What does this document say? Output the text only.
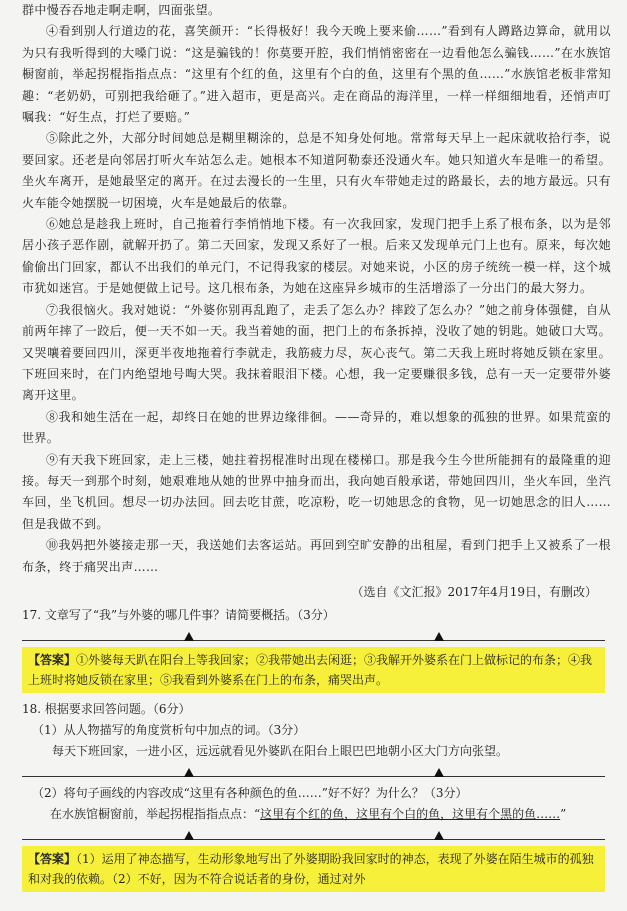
群中慢吞吞地走啊走啊，四面张望。

④看到别人行道边的花，喜笑颜开：“长得极好！我今天晚上要来偷……”看到有人蹲路边算命，就用以为只有我听得到的大嗓门说：“这是骗钱的！你莫要开腔，我们悄悄密密在一边看他怎么骗钱……”在水族馆橱窗前，举起拐棍指指点点：“这里有个红的鱼，这里有个白的鱼，这里有个黑的鱼……”水族馆老板非常知趣：“老奶奶，可别把我给砸了。”进入超市，更是高兴。走在商品的海洋里，一样一样细细地看，还悄声叮嘱我：“好生点，打烂了要赔。”

⑤除此之外，大部分时间她总是糊里糊涂的，总是不知身处何地。常常每天早上一起床就收拾行李，说要回家。还老是向邻居打听火车站怎么走。她根本不知道阿勒泰还没通火车。她只知道火车是唯一的希望。坐火车离开，是她最坚定的离开。在过去漫长的一生里，只有火车带她走过的路最长，去的地方最远。只有火车能令她摆脱一切困境，火车是她最后的依靠。

⑥她总是趁我上班时，自己拖着行李悄悄地下楼。有一次我回家，发现门把手上系了根布条，以为是邻居小孩子恶作剧，就解开扔了。第二天回家，发现又系好了一根。后来又发现单元门上也有。原来，每次她偷偷出门回家，都认不出我们的单元门，不记得我家的楼层。对她来说，小区的房子统统一模一样，这个城市犹如迷宫。于是她便做上记号。这几根布条，为她在这座异乡城市的生活增添了一分出门的最大努力。

⑦我很恼火。我对她说：“外婆你别再乱跑了，走丢了怎么办？摔跤了怎么办？”她之前身体强健，自从前两年摔了一跤后，便一天不如一天。我当着她的面，把门上的布条拆掉，没收了她的钥匙。她破口大骂。又哭嚷着要回四川，深更半夜地拖着行李就走，我筋疲力尽，灰心丧气。第二天我上班时将她反锁在家里。下班回来时，在门内绝望地号啕大哭。我抹着眼泪下楼。心想，我一定要赚很多钱，总有一天一定要带外婆离开这里。

⑧我和她生活在一起，却终日在她的世界边缘徘徊。——奇异的，难以想象的孤独的世界。如果荒蛮的世界。

⑨有天我下班回家，走上三楼，她拄着拐棍准时出现在楼梯口。那是我今生今世所能拥有的最隆重的迎接。每天一到那个时刻，她艰难地从她的世界中抽身而出，我向她百般承诺，带她回四川，坐火车回，坐汽车回，坐飞机回。想尽一切办法回。回去吃甘蔗，吃凉粉，吃一切她思念的食物，见一切她思念的旧人……但是我做不到。

⑩我妈把外婆接走那一天，我送她们去客运站。再回到空旷安静的出租屋，看到门把手上又被系了一根布条，终于痛哭出声……

（选自《文汇报》2017年4月19日，有删改）

17. 文章写了“我”与外婆的哪几件事？请简要概括。（3分）

【答案】①外婆每天趴在阳台上等我回家；②我带她出去闲逛；③我解开外婆系在门上做标记的布条；④我上班时将她反锁在家里；⑤我看到外婆系在门上的布条，痛哭出声。

18. 根据要求回答问题。（6分）

（1）从人物描写的角度赏析句中加点的词。（3分）

每天下班回家，一进小区，远远就看见外婆趴在阳台上眼巴巴地朝小区大门方向张望。

（2）将句子画线的内容改成“这里有各种颜色的鱼……”好不好？为什么？（3分）

在水族馆橱窗前，举起拐棍指指点点：“这里有个红的鱼，这里有个白的鱼，这里有个黑的鱼……”

【答案】（1）运用了神态描写，生动形象地写出了外婆期盼我回家时的神态，表现了外婆在陌生城市的孤独和对我的依赖。（2）不好，因为不符合说话者的身份，通过对外
